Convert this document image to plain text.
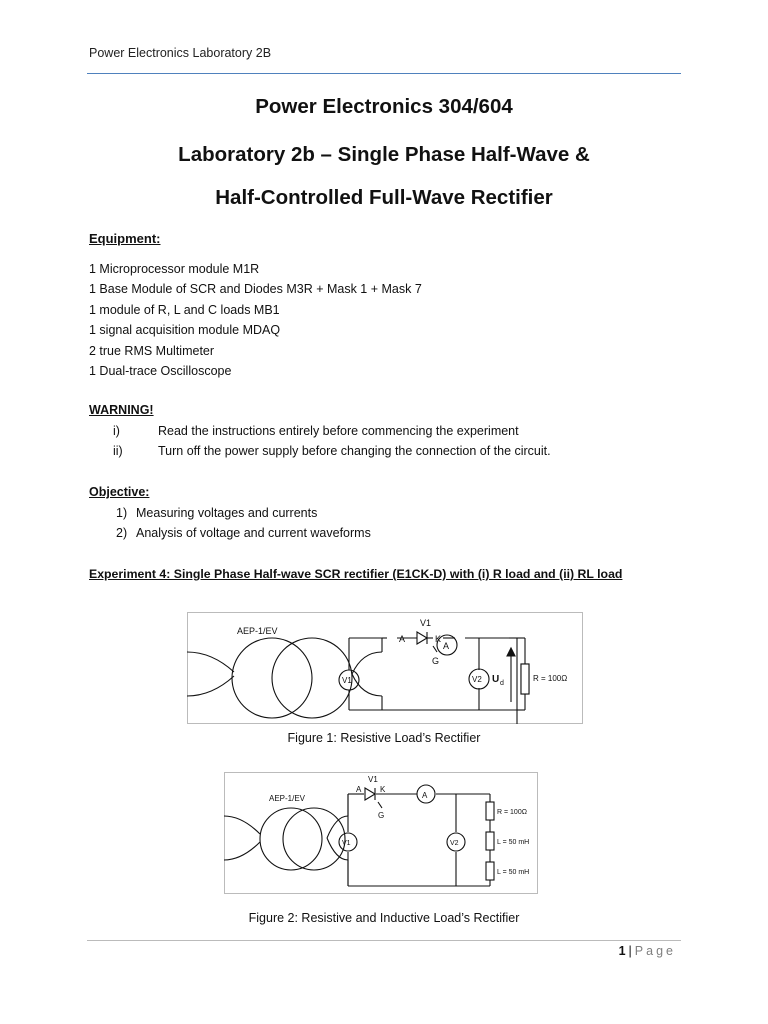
Power Electronics Laboratory 2B
Power Electronics 304/604
Laboratory 2b – Single Phase Half-Wave &
Half-Controlled Full-Wave Rectifier
Equipment:
1 Microprocessor module M1R
1 Base Module of SCR and Diodes M3R + Mask 1 + Mask 7
1 module of R, L and C loads MB1
1 signal acquisition module MDAQ
2 true RMS Multimeter
1 Dual-trace Oscilloscope
WARNING!
i)	Read the instructions entirely before commencing the experiment
ii)	Turn off the power supply before changing the connection of the circuit.
Objective:
1) Measuring voltages and currents
2) Analysis of voltage and current waveforms
Experiment 4: Single Phase Half-wave SCR rectifier (E1CK-D) with (i) R load and (ii) RL load
AEP-1/EV
V1
A	K
G
A
V1	V2 U d
R = 100Ω
Figure 1: Resistive Load’s Rectifier
AEP-1/EV
V1
A K
G
A
V1	V2
R = 100Ω
L = 50 mH
L = 50 mH
Figure 2: Resistive and Inductive Load’s Rectifier
1 | Page
